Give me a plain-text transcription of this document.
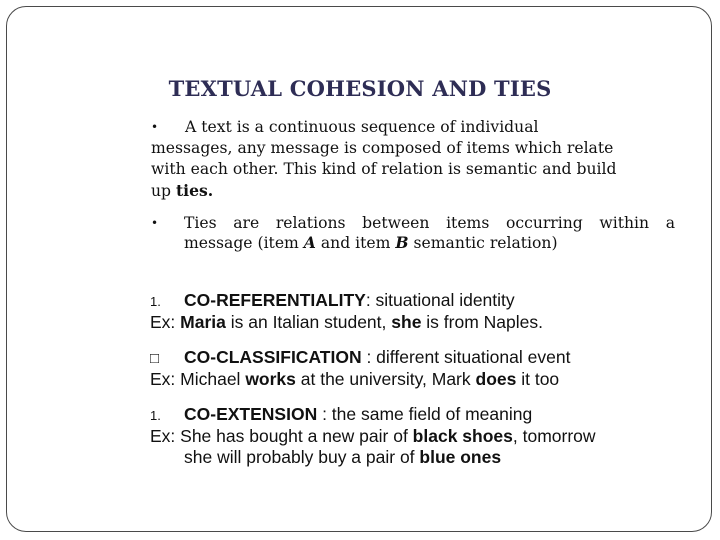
TEXTUAL COHESION AND TIES
• A text is a continuous sequence of individual messages, any message is composed of items which relate with each other. This kind of relation is semantic and build up ties.
• Ties are relations between items occurring within a
message (item A and item B semantic relation)
1. CO-REFERENTIALITY: situational identity
Ex: Maria is an Italian student, she is from Naples.
□ CO-CLASSIFICATION : different situational event
Ex: Michael works at the university, Mark does it too
1. CO-EXTENSION : the same field of meaning
Ex: She has bought a new pair of black shoes, tomorrow
she will probably buy a pair of blue ones
